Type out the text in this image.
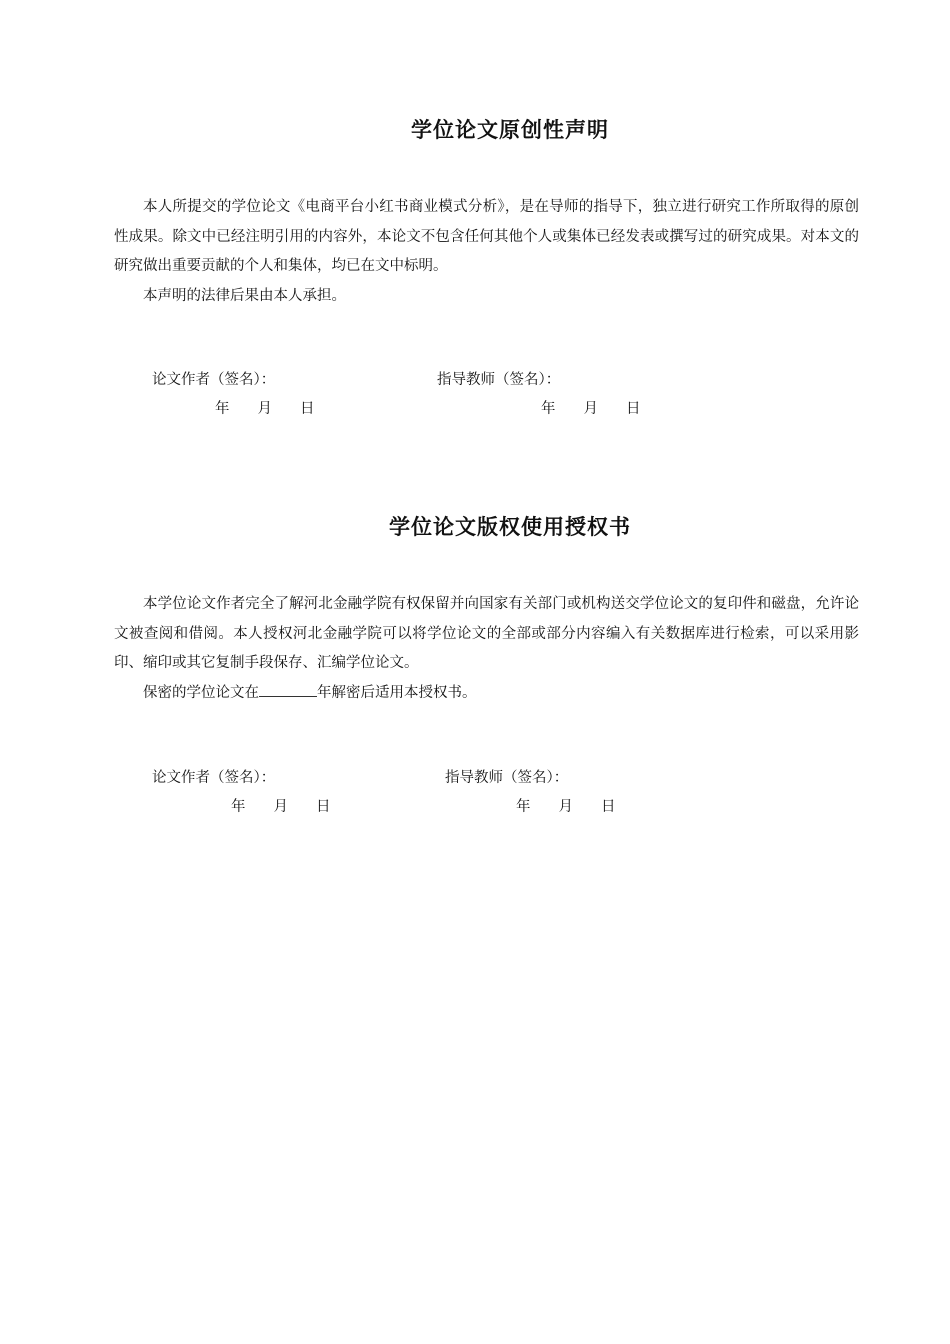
学位论文原创性声明

本人所提交的学位论文《电商平台小红书商业模式分析》，是在导师的指导下，独立进行研究工作所取得的原创性成果。除文中已经注明引用的内容外，本论文不包含任何其他个人或集体已经发表或撰写过的研究成果。对本文的研究做出重要贡献的个人和集体，均已在文中标明。

本声明的法律后果由本人承担。

论文作者（签名）：	指导教师（签名）：
年 月 日	年 月 日
学位论文版权使用授权书

本学位论文作者完全了解河北金融学院有权保留并向国家有关部门或机构送交学位论文的复印件和磁盘，允许论文被查阅和借阅。本人授权河北金融学院可以将学位论文的全部或部分内容编入有关数据库进行检索，可以采用影印、缩印或其它复制手段保存、汇编学位论文。

保密的学位论文在	年解密后适用本授权书。

论文作者（签名）：	指导教师（签名）：
年 月 日	年 月 日
